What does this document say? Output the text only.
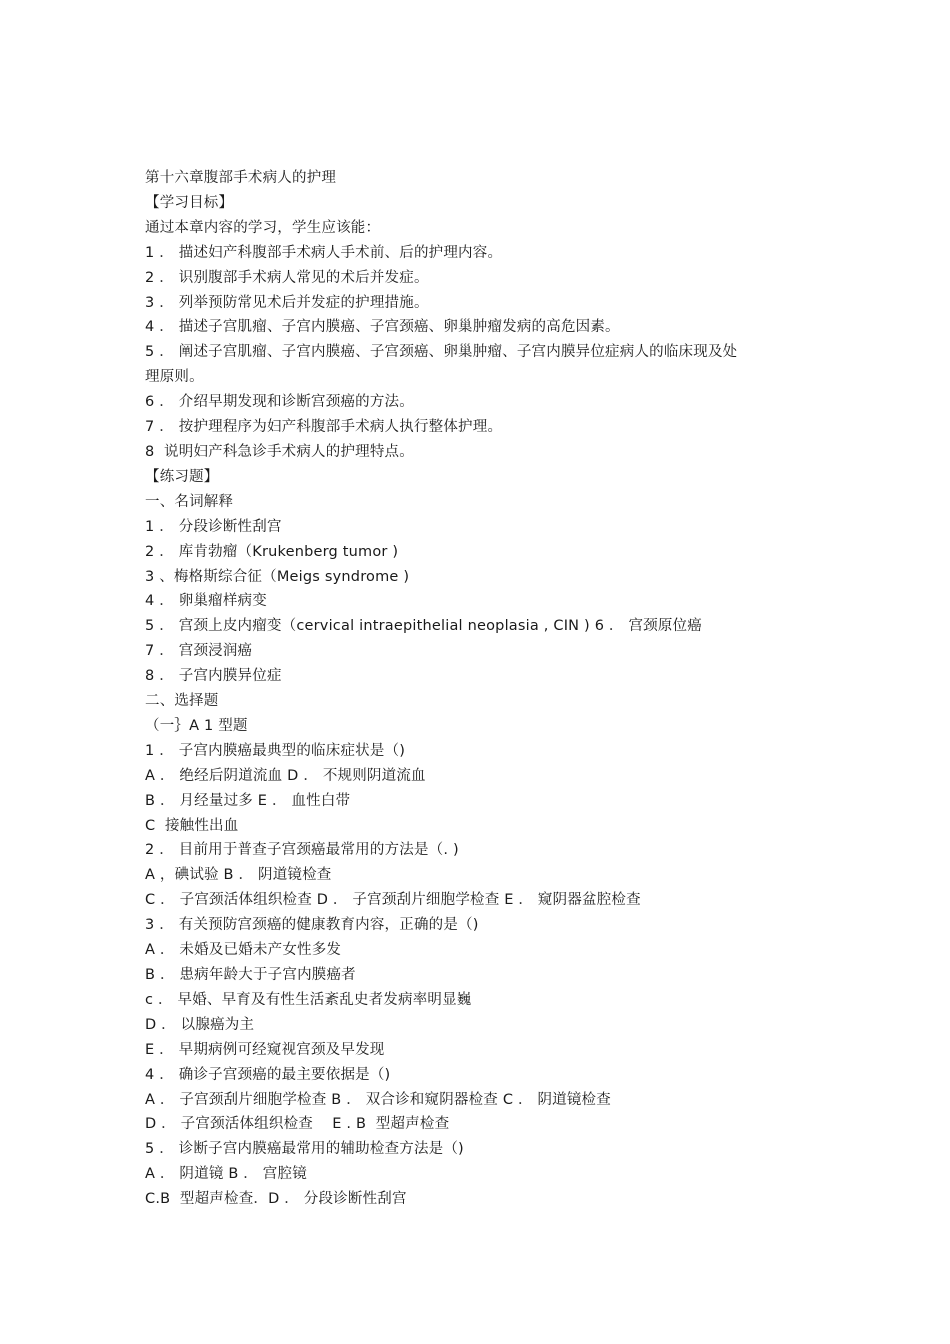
第十六章腹部手术病人的护理
【学习目标】
通过本章内容的学习，学生应该能：
1 ． 描述妇产科腹部手术病人手术前、后的护理内容。
2 ． 识别腹部手术病人常见的术后并发症。
3 ． 列举预防常见术后并发症的护理措施。
4 ． 描述子宫肌瘤、子宫内膜癌、子宫颈癌、卵巢肿瘤发病的高危因素。
5 ． 阐述子宫肌瘤、子宫内膜癌、子宫颈癌、卵巢肿瘤、子宫内膜异位症病人的临床现及处
理原则。
6 ． 介绍早期发现和诊断宫颈癌的方法。
7 ． 按护理程序为妇产科腹部手术病人执行整体护理。
8  说明妇产科急诊手术病人的护理特点。
【练习题】
一、名词解释
1 ． 分段诊断性刮宫
2 ． 库肯勃瘤（Krukenberg tumor )
3 、梅格斯综合征（Meigs syndrome )
4 ． 卵巢瘤样病变
5 ． 宫颈上皮内瘤变（cervical intraepithelial neoplasia , CIN ) 6 ． 宫颈原位癌
7 ． 宫颈浸润癌
8 ． 子宫内膜异位症
二、选择题
（一｝A 1 型题
1 ． 子宫内膜癌最典型的临床症状是（)
A ． 绝经后阴道流血 D ． 不规则阴道流血
B ． 月经量过多 E ． 血性白带
C  接触性出血
2 ． 目前用于普查子宫颈癌最常用的方法是（. )
A ，碘试验 B ． 阴道镜检查
C ． 子宫颈活体组织检查 D ． 子宫颈刮片细胞学检查 E ． 窥阴器盆腔检查
3 ． 有关预防宫颈癌的健康教育内容，正确的是（)
A ． 未婚及已婚未产女性多发
B ． 患病年龄大于子宫内膜癌者
c ． 早婚、早育及有性生活紊乱史者发病率明显巍
D ． 以腺癌为主
E ． 早期病例可经窥视宫颈及早发现
4 ． 确诊子宫颈癌的最主要依据是（)
A ． 子宫颈刮片细胞学检查 B ． 双合诊和窥阴器检查 C ． 阴道镜检查
D ． 子宫颈活体组织检查    E . B  型超声检查
5 ． 诊断子宫内膜癌最常用的辅助检查方法是（)
A ． 阴道镜 B ． 宫腔镜
C.B  型超声检查．D ． 分段诊断性刮宫
